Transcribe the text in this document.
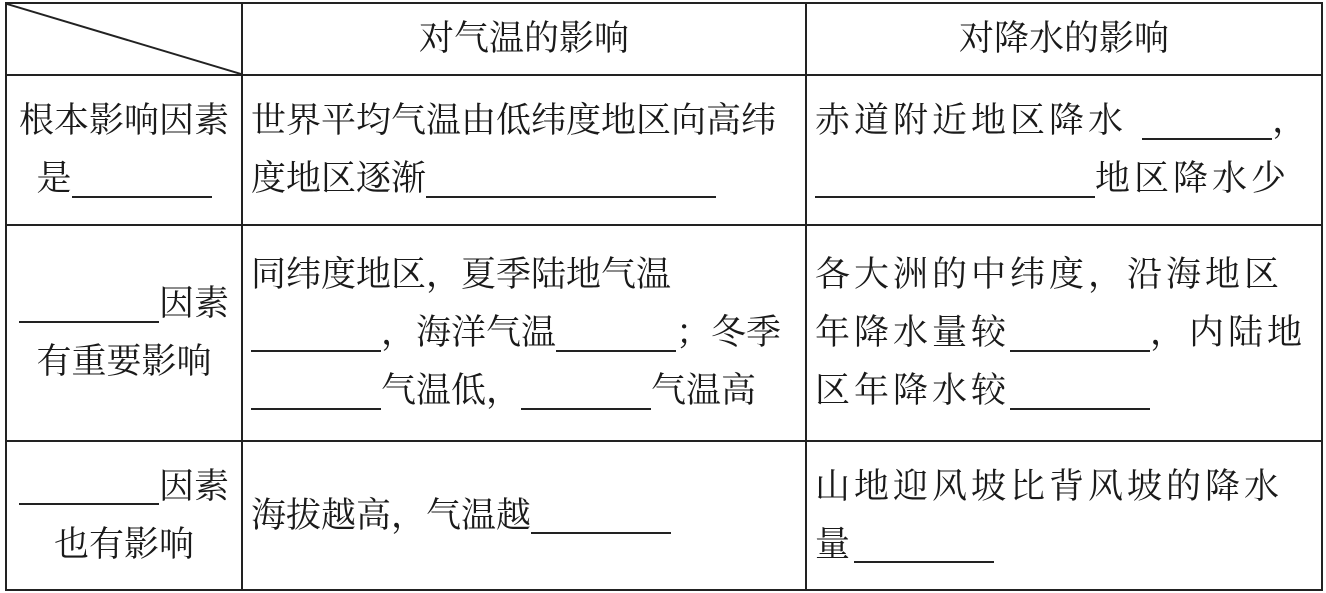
	对气温的影响	对降水的影响
根本影响因素
是	世界平均气温由低纬度地区向高纬度地区逐渐	赤道附近地区降水 ，地区降水少
因素
有重要影响	同纬度地区，夏季陆地气温，海洋气温 ；冬季气温低， 气温高	各大洲的中纬度，沿海地区年降水量较 ，内陆地区年降水较
因素
也有影响	海拔越高，气温越	山地迎风坡比背风坡的降水量
